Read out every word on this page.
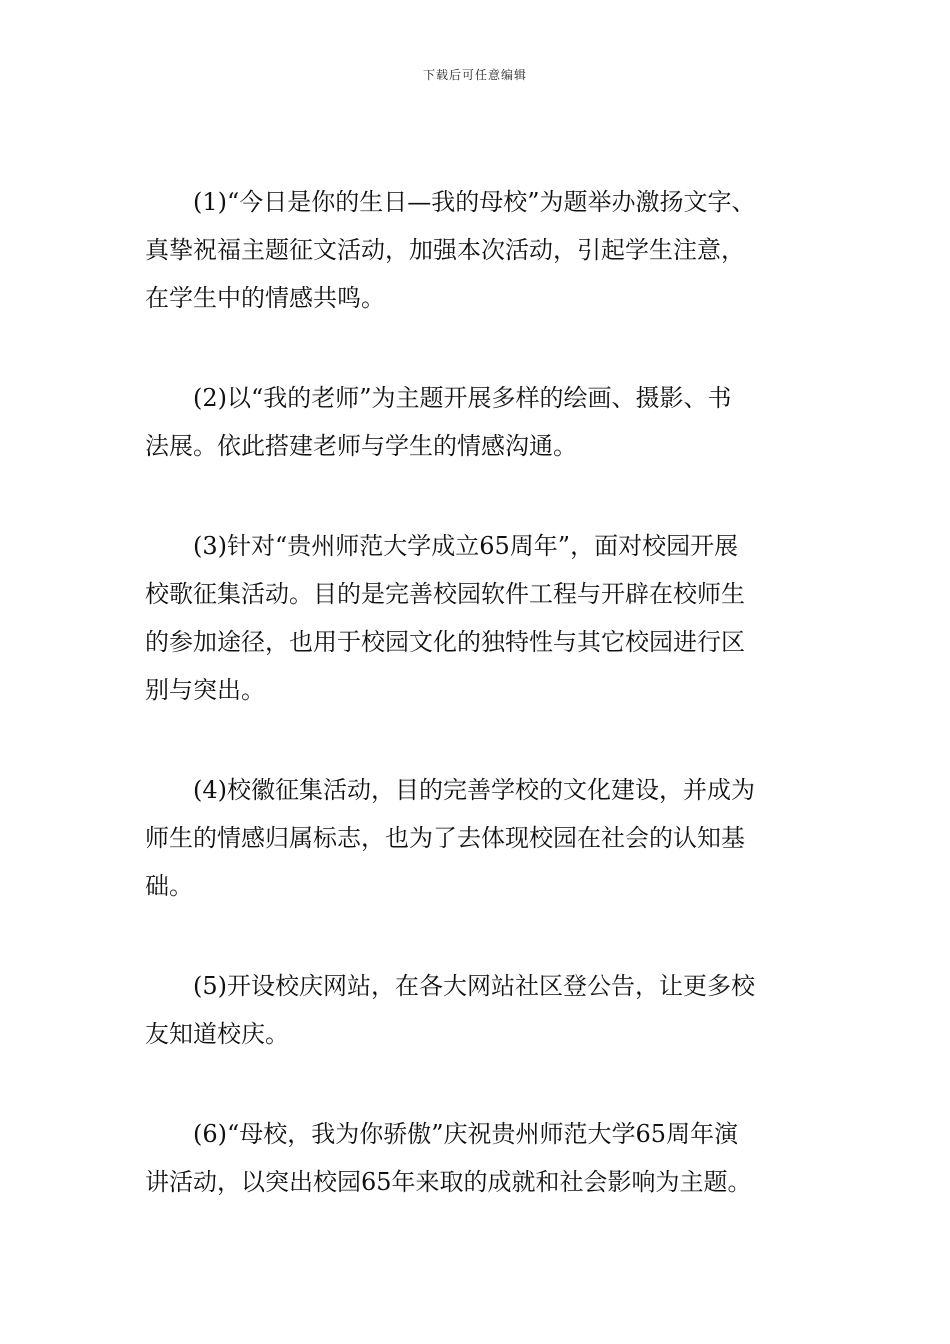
下载后可任意编辑

(1)“今日是你的生日—我的母校”为题举办激扬文字、
真挚祝福主题征文活动，加强本次活动，引起学生注意，
在学生中的情感共鸣。

(2)以“我的老师”为主题开展多样的绘画、摄影、书
法展。依此搭建老师与学生的情感沟通。

(3)针对“贵州师范大学成立65周年”，面对校园开展
校歌征集活动。目的是完善校园软件工程与开辟在校师生
的参加途径，也用于校园文化的独特性与其它校园进行区
别与突出。

(4)校徽征集活动，目的完善学校的文化建设，并成为
师生的情感归属标志，也为了去体现校园在社会的认知基
础。

(5)开设校庆网站，在各大网站社区登公告，让更多校
友知道校庆。

(6)“母校，我为你骄傲”庆祝贵州师范大学65周年演
讲活动，以突出校园65年来取的成就和社会影响为主题。
